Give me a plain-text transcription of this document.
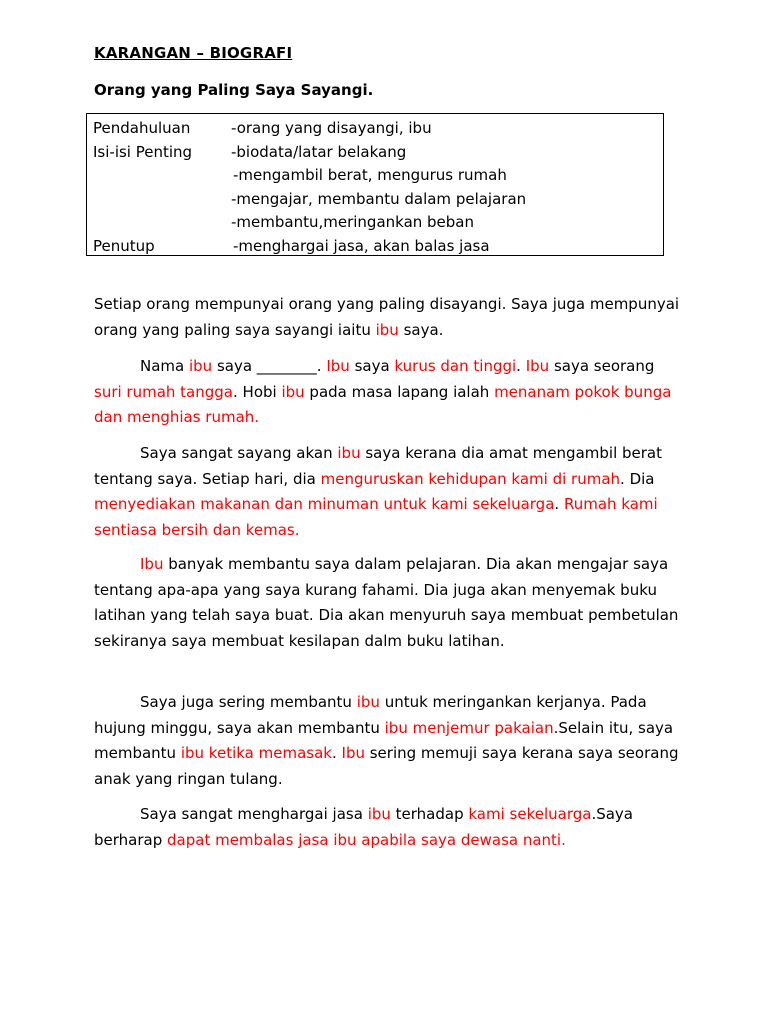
KARANGAN – BIOGRAFI
Orang yang Paling Saya Sayangi.
Pendahuluan	-orang yang disayangi, ibu
Isi-isi Penting	-biodata/latar belakang
-mengambil berat, mengurus rumah
-mengajar, membantu dalam pelajaran
-membantu,meringankan beban
Penutup	-menghargai jasa, akan balas jasa

Setiap orang mempunyai orang yang paling disayangi. Saya juga mempunyai orang yang paling saya sayangi iaitu ibu saya.

Nama ibu saya ________. Ibu saya kurus dan tinggi. Ibu saya seorang suri rumah tangga. Hobi ibu pada masa lapang ialah menanam pokok bunga dan menghias rumah.

Saya sangat sayang akan ibu saya kerana dia amat mengambil berat tentang saya. Setiap hari, dia menguruskan kehidupan kami di rumah. Dia menyediakan makanan dan minuman untuk kami sekeluarga. Rumah kami sentiasa bersih dan kemas.

Ibu banyak membantu saya dalam pelajaran. Dia akan mengajar saya tentang apa-apa yang saya kurang fahami. Dia juga akan menyemak buku latihan yang telah saya buat. Dia akan menyuruh saya membuat pembetulan sekiranya saya membuat kesilapan dalm buku latihan.

Saya juga sering membantu ibu untuk meringankan kerjanya. Pada hujung minggu, saya akan membantu ibu menjemur pakaian.Selain itu, saya membantu ibu ketika memasak. Ibu sering memuji saya kerana saya seorang anak yang ringan tulang.

Saya sangat menghargai jasa ibu terhadap kami sekeluarga.Saya berharap dapat membalas jasa ibu apabila saya dewasa nanti.
